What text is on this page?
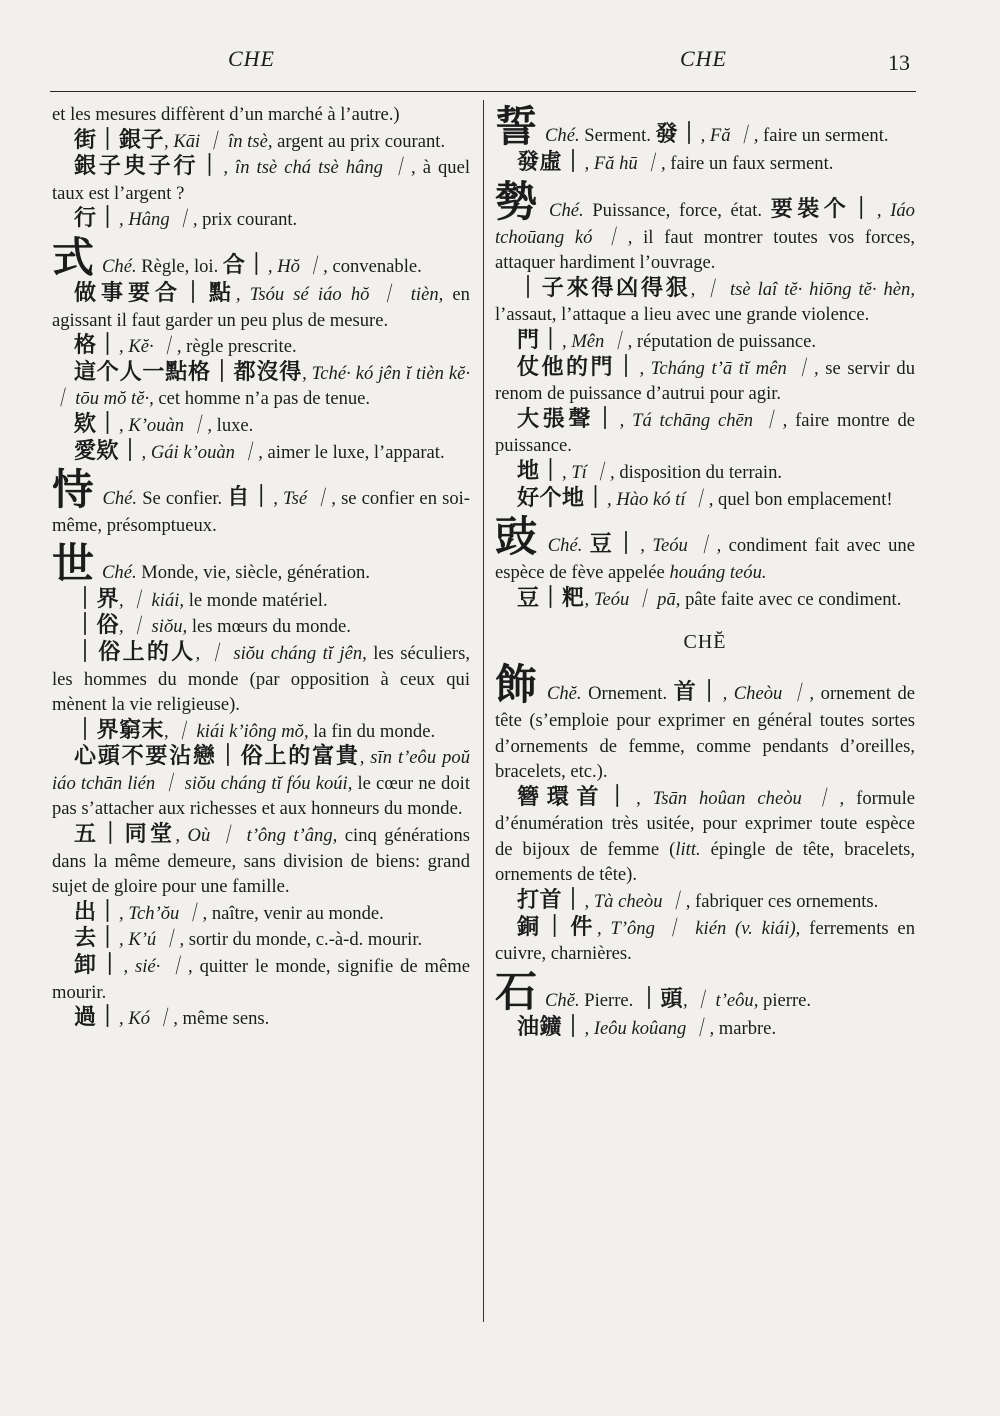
CHE	CHE	13

et les mesures diffèrent d’un marché à l’autre.)

街｜銀子, Kāi ｜ în tsè, argent au prix courant.

銀子㬰子行｜, în tsè chá tsè hâng ｜, à quel taux est l’argent ?

行｜, Hâng ｜, prix courant.

式 Ché. Règle, loi. 合｜, Hŏ ｜, convenable.

做事要合｜點, Tsóu sé iáo hŏ ｜ tièn, en agissant il faut garder un peu plus de mesure.

格｜, Kĕ· ｜, règle prescrite.

這个人一點格｜都沒得, Tché· kó jên ĭ tièn kĕ· ｜ tōu mŏ tĕ·, cet homme n’a pas de tenue.

欵｜, K’ouàn ｜, luxe.

愛欵｜, Gái k’ouàn ｜, aimer le luxe, l’apparat.

恃 Ché. Se confier. 自｜, Tsé ｜, se confier en soi- même, présomptueux.

世 Ché. Monde, vie, siècle, génération.

｜界, ｜ kiái, le monde matériel.

｜俗, ｜ siŏu, les mœurs du monde.

｜俗上的人, ｜ siŏu cháng tĭ jên, les séculiers, les hommes du monde (par opposition à ceux qui mènent la vie religieuse).

｜界窮末, ｜ kiái k’iông mŏ, la fin du monde.

心頭不要沾戀｜俗上的富貴, sīn t’eôu poŭ iáo tchān lién ｜ siŏu cháng tĭ fóu koúi, le cœur ne doit pas s’attacher aux richesses et aux honneurs du monde.

五｜同堂, Où ｜ t’ông t’âng, cinq générations dans la même demeure, sans division de biens: grand sujet de gloire pour une famille.

出｜, Tch’ŏu ｜, naître, venir au monde.

去｜, K’ú ｜, sortir du monde, c.-à-d. mourir.

卸｜, sié· ｜, quitter le monde, signifie de même mourir.

過｜, Kó ｜, même sens.

誓 Ché. Serment. 發｜, Fă ｜, faire un serment.

發虛｜, Fă hū ｜, faire un faux serment.

勢 Ché. Puissance, force, état. 要裝个｜, Iáo tchoūang kó ｜, il faut montrer toutes vos forces, attaquer hardiment l’ouvrage.

｜子來得凶得狠, ｜ tsè laî tĕ· hiōng tĕ· hèn, l’assaut, l’attaque a lieu avec une grande violence.

門｜, Mên ｜, réputation de puissance.

仗他的門｜, Tcháng t’ā tĭ mên ｜, se servir du renom de puissance d’autrui pour agir.

大張聲｜, Tá tchāng chēn ｜, faire montre de puissance.

地｜, Tí ｜, disposition du terrain.

好个地｜, Hào kó tí ｜, quel bon emplacement!

豉 Ché. 豆｜, Teóu ｜, condiment fait avec une espèce de fève appelée houáng teóu.

豆｜粑, Teóu ｜ pā, pâte faite avec ce condiment.

CHĔ

飾 Chĕ. Ornement. 首｜, Cheòu ｜, ornement de tête (s’emploie pour exprimer en général toutes sortes d’ornements de femme, comme pendants d’oreilles, bracelets, etc.).

簪環首｜, Tsān hoûan cheòu ｜, formule d’énumération très usitée, pour exprimer toute espèce de bijoux de femme (litt. épingle de tête, bracelets, ornements de tête).

打首｜, Tà cheòu ｜, fabriquer ces ornements.

銅｜件, T’ông ｜ kién (v. kiái), ferrements en cuivre, charnières.

石 Chĕ. Pierre. ｜頭, ｜ t’eôu, pierre.

油鑛｜, Ieôu koûang ｜, marbre.
